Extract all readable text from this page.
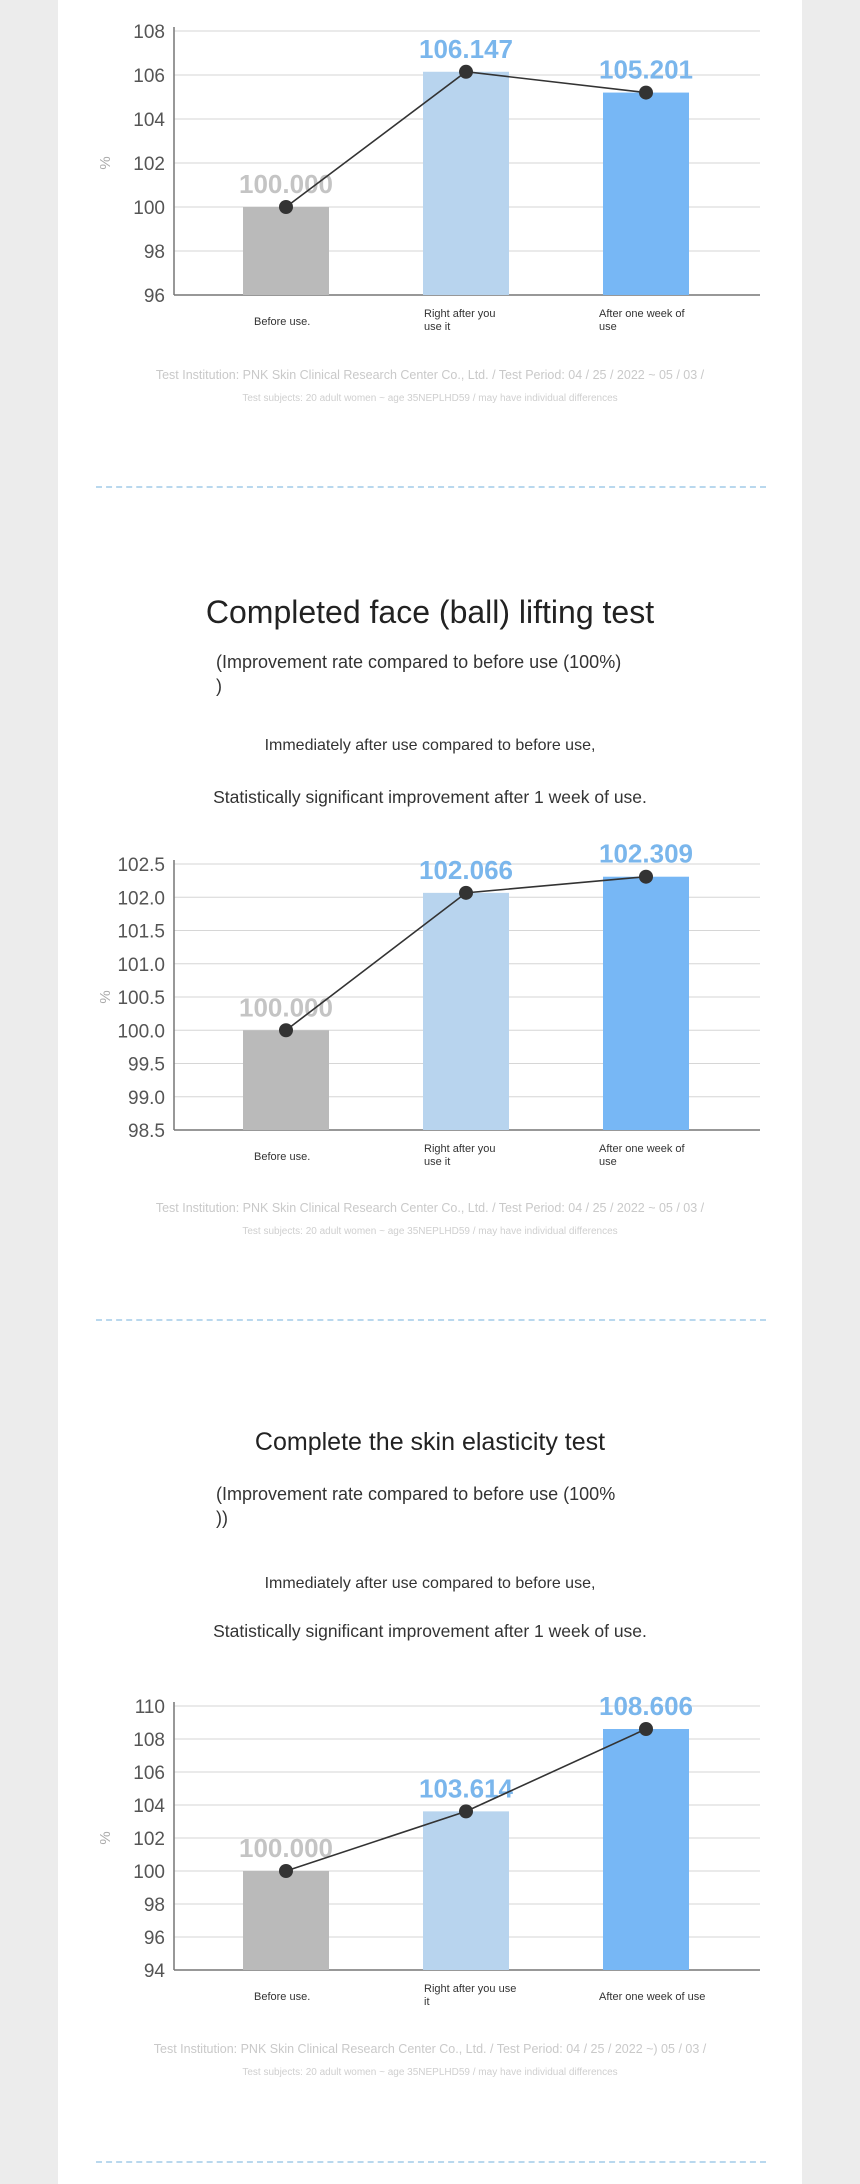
96
98
100
102
104
106
108
%
100.000
106.147
105.201
Before use.
Right after you
use it
After one week of
use
Test Institution: PNK Skin Clinical Research Center Co., Ltd. / Test Period: 04 / 25 / 2022 ~ 05 / 03 /
Test subjects: 20 adult women ~ age 35NEPLHD59 / may have individual differences
Completed face (ball) lifting test
(Improvement rate compared to before use (100%)
)
Immediately after use compared to before use,
Statistically significant improvement after 1 week of use.
98.5
99.0
99.5
100.0
100.5
101.0
101.5
102.0
102.5
%	100.000
102.066
102.309
Before use.
Right after you
use it
After one week of
use
Test Institution: PNK Skin Clinical Research Center Co., Ltd. / Test Period: 04 / 25 / 2022 ~ 05 / 03 /
Test subjects: 20 adult women ~ age 35NEPLHD59 / may have individual differences
Complete the skin elasticity test
(Improvement rate compared to before use (100%
))
Immediately after use compared to before use,
Statistically significant improvement after 1 week of use.
94
96
98
100
102
104
106
108
110
%	100.000
103.614
108.606
Before use.
Right after you use
it	After one week of use
Test Institution: PNK Skin Clinical Research Center Co., Ltd. / Test Period: 04 / 25 / 2022 ~) 05 / 03 /
Test subjects: 20 adult women ~ age 35NEPLHD59 / may have individual differences
